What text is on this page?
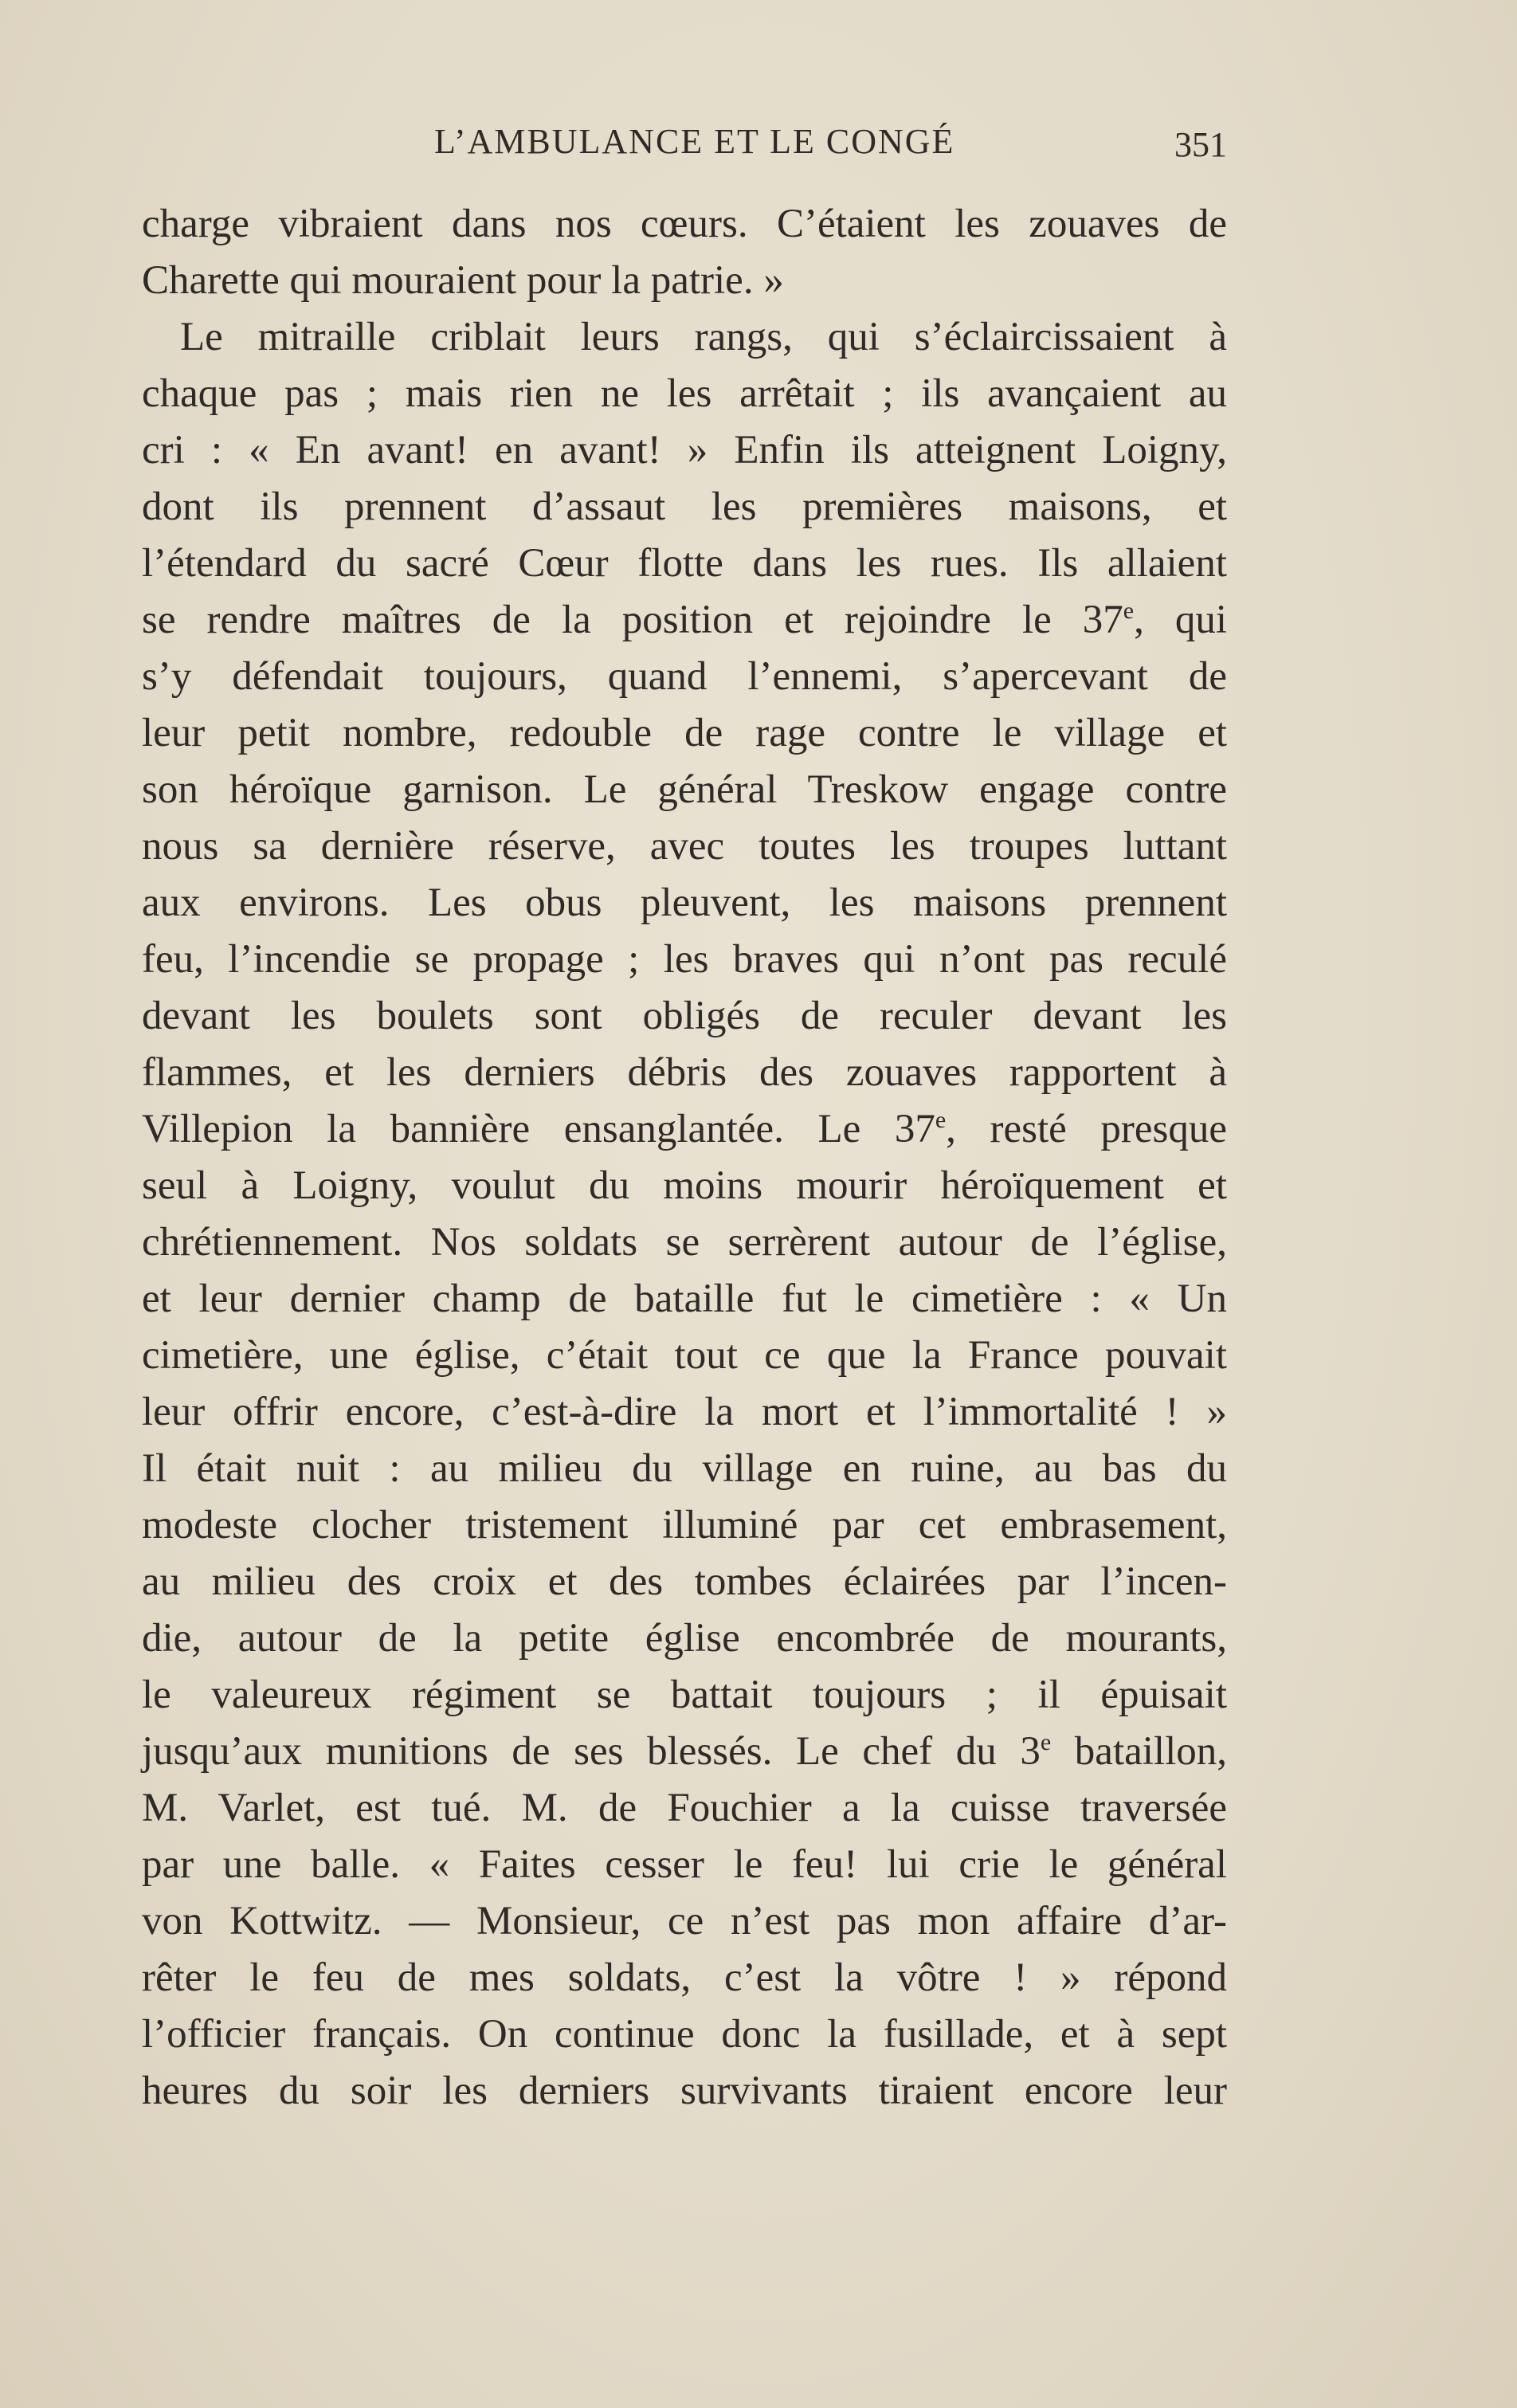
L’AMBULANCE ET LE CONGÉ	351
charge vibraient dans nos cœurs. C’étaient les zouaves de
Charette qui mouraient pour la patrie. »
Le mitraille criblait leurs rangs, qui s’éclaircissaient à
chaque pas ; mais rien ne les arrêtait ; ils avançaient au
cri : « En avant! en avant! » Enfin ils atteignent Loigny,
dont ils prennent d’assaut les premières maisons, et
l’étendard du sacré Cœur flotte dans les rues. Ils allaient
se rendre maîtres de la position et rejoindre le 37e, qui
s’y défendait toujours, quand l’ennemi, s’apercevant de
leur petit nombre, redouble de rage contre le village et
son héroïque garnison. Le général Treskow engage contre
nous sa dernière réserve, avec toutes les troupes luttant
aux environs. Les obus pleuvent, les maisons prennent
feu, l’incendie se propage ; les braves qui n’ont pas reculé
devant les boulets sont obligés de reculer devant les
flammes, et les derniers débris des zouaves rapportent à
Villepion la bannière ensanglantée. Le 37e, resté presque
seul à Loigny, voulut du moins mourir héroïquement et
chrétiennement. Nos soldats se serrèrent autour de l’église,
et leur dernier champ de bataille fut le cimetière : « Un
cimetière, une église, c’était tout ce que la France pouvait
leur offrir encore, c’est-à-dire la mort et l’immortalité ! »
Il était nuit : au milieu du village en ruine, au bas du
modeste clocher tristement illuminé par cet embrasement,
au milieu des croix et des tombes éclairées par l’incen-
die, autour de la petite église encombrée de mourants,
le valeureux régiment se battait toujours ; il épuisait
jusqu’aux munitions de ses blessés. Le chef du 3e bataillon,
M. Varlet, est tué. M. de Fouchier a la cuisse traversée
par une balle. « Faites cesser le feu! lui crie le général
von Kottwitz. — Monsieur, ce n’est pas mon affaire d’ar-
rêter le feu de mes soldats, c’est la vôtre ! » répond
l’officier français. On continue donc la fusillade, et à sept
heures du soir les derniers survivants tiraient encore leur
